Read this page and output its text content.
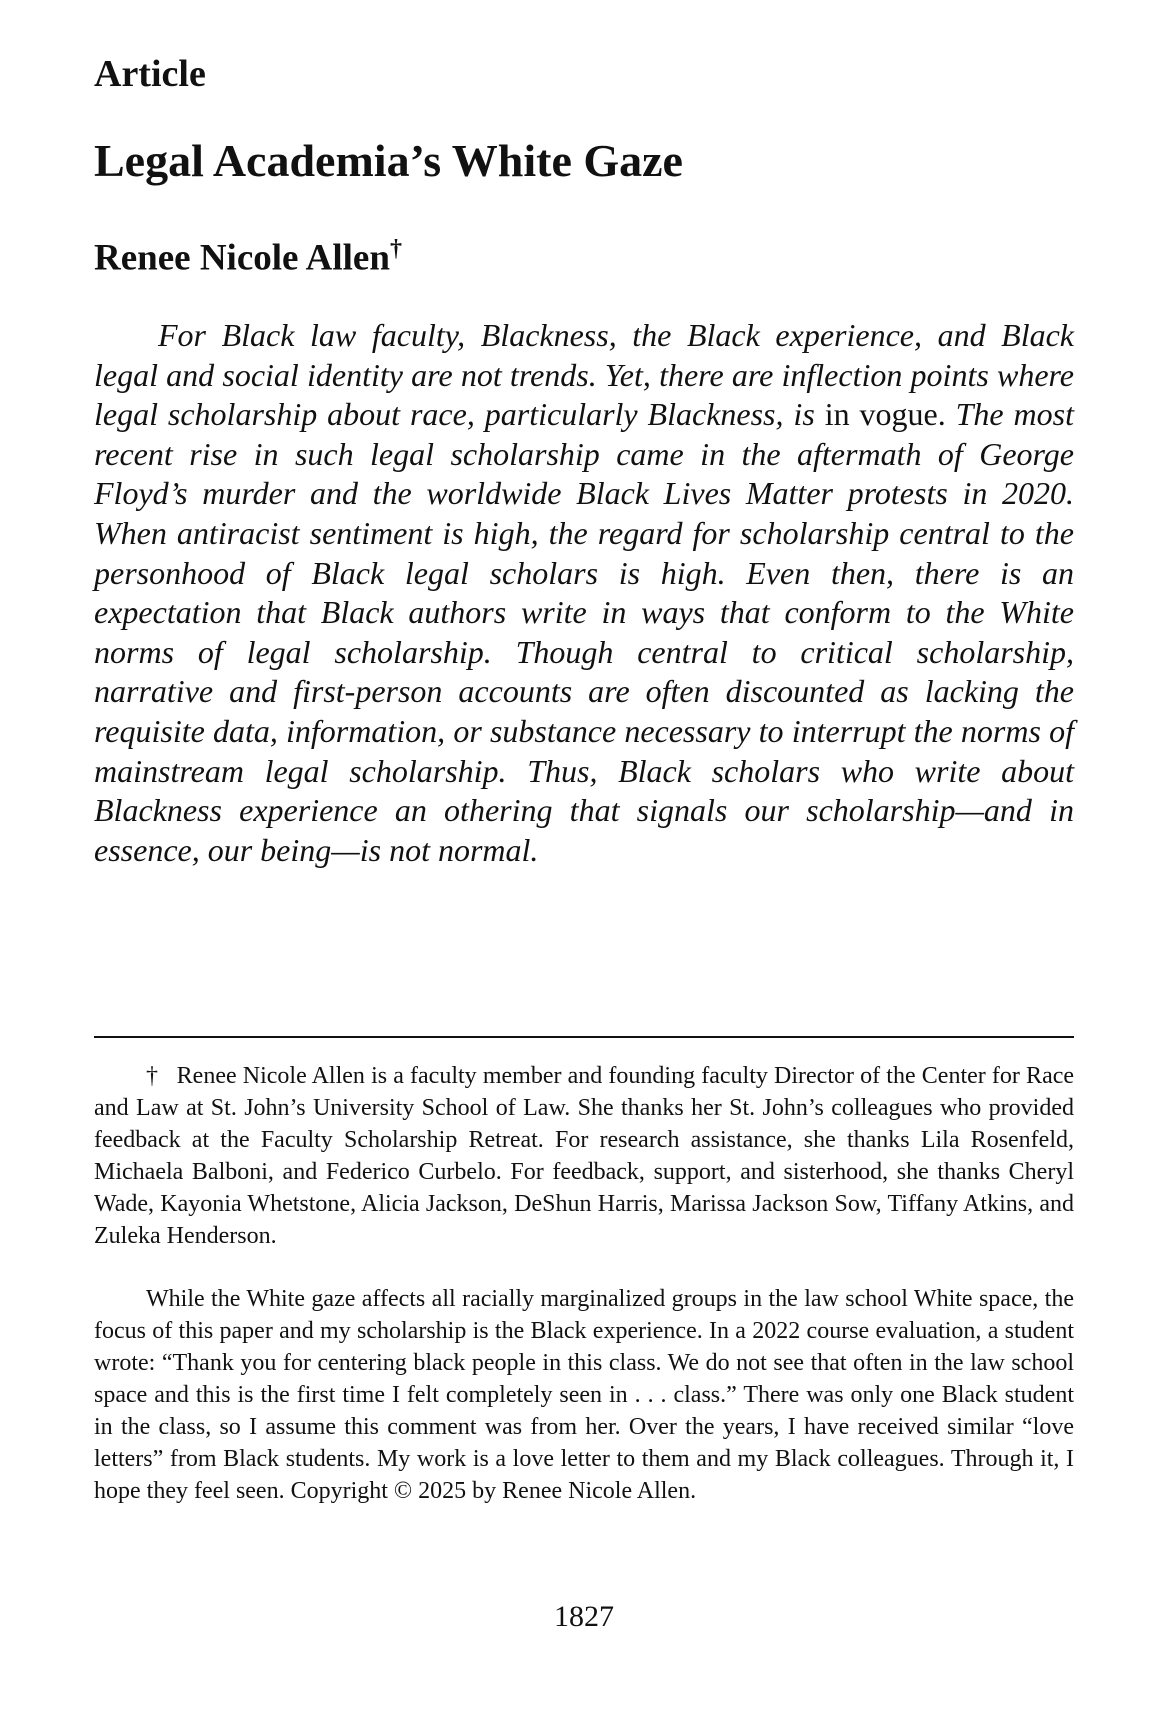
Article
Legal Academia’s White Gaze
Renee Nicole Allen†

For Black law faculty, Blackness, the Black experience, and Black legal and social identity are not trends. Yet, there are inflection points where legal scholarship about race, particularly Blackness, is in vogue. The most recent rise in such legal scholarship came in the aftermath of George Floyd’s murder and the worldwide Black Lives Matter protests in 2020. When antiracist sentiment is high, the regard for scholarship central to the personhood of Black legal scholars is high. Even then, there is an expectation that Black authors write in ways that conform to the White norms of legal scholarship. Though central to critical scholarship, narrative and first-person accounts are often discounted as lacking the requisite data, information, or substance necessary to interrupt the norms of mainstream legal scholarship. Thus, Black scholars who write about Blackness experience an othering that signals our scholarship—and in essence, our being—is not normal.

† Renee Nicole Allen is a faculty member and founding faculty Director of the Center for Race and Law at St. John’s University School of Law. She thanks her St. John’s colleagues who provided feedback at the Faculty Scholarship Retreat. For research assistance, she thanks Lila Rosenfeld, Michaela Balboni, and Federico Curbelo. For feedback, support, and sisterhood, she thanks Cheryl Wade, Kayonia Whetstone, Alicia Jackson, DeShun Harris, Marissa Jackson Sow, Tiffany Atkins, and Zuleka Henderson.

While the White gaze affects all racially marginalized groups in the law school White space, the focus of this paper and my scholarship is the Black experience. In a 2022 course evaluation, a student wrote: “Thank you for centering black people in this class. We do not see that often in the law school space and this is the first time I felt completely seen in . . . class.” There was only one Black student in the class, so I assume this comment was from her. Over the years, I have received similar “love letters” from Black students. My work is a love letter to them and my Black colleagues. Through it, I hope they feel seen. Copyright © 2025 by Renee Nicole Allen.

1827
